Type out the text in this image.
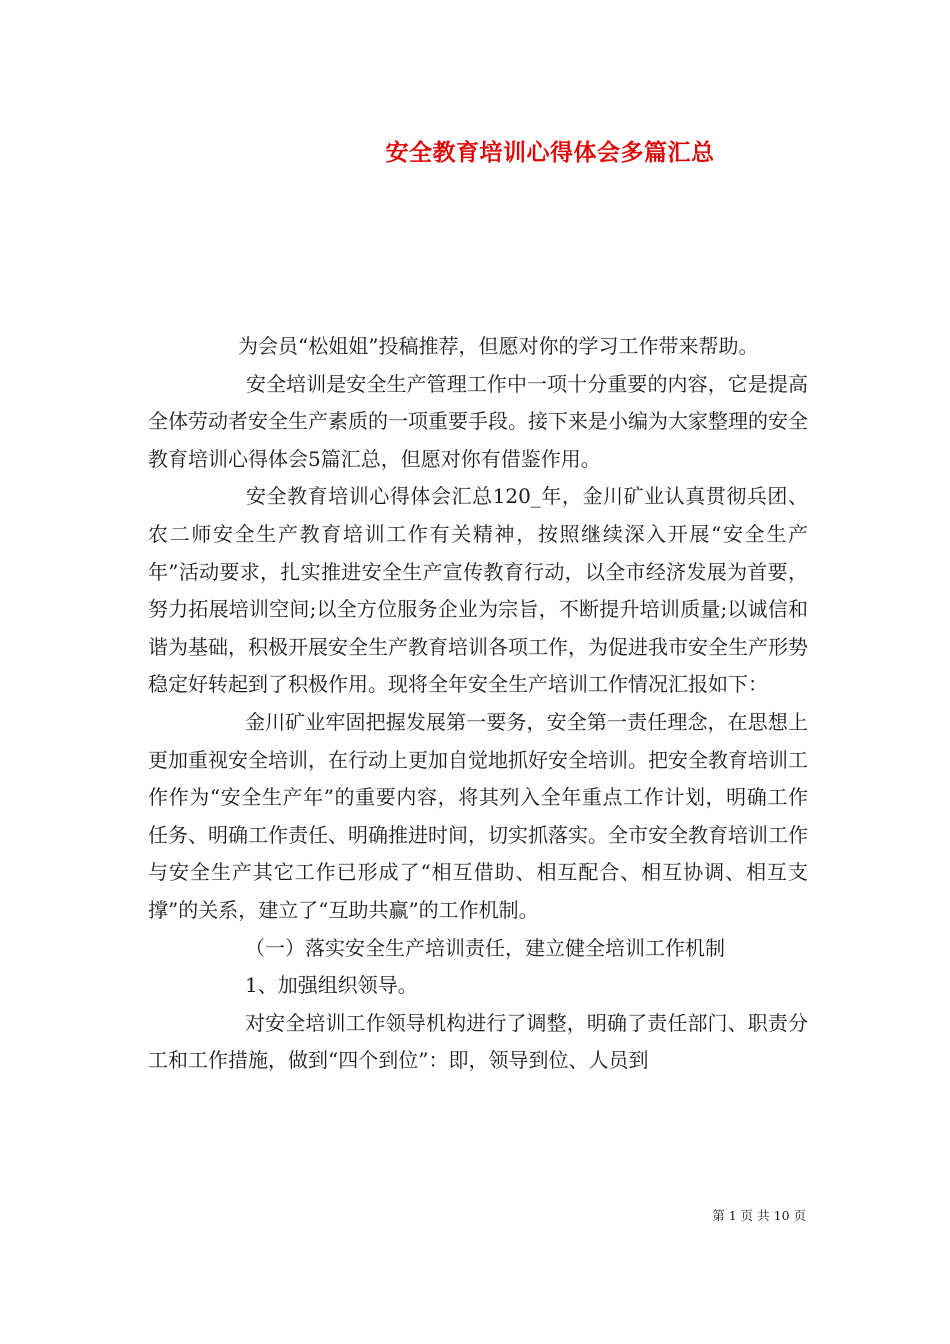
安全教育培训心得体会多篇汇总

为会员“松姐姐”投稿推荐，但愿对你的学习工作带来帮助。

安全培训是安全生产管理工作中一项十分重要的内容，它是提高全体劳动者安全生产素质的一项重要手段。接下来是小编为大家整理的安全教育培训心得体会5篇汇总，但愿对你有借鉴作用。

安全教育培训心得体会汇总120_年，金川矿业认真贯彻兵团、农二师安全生产教育培训工作有关精神，按照继续深入开展“安全生产年”活动要求，扎实推进安全生产宣传教育行动，以全市经济发展为首要，努力拓展培训空间;以全方位服务企业为宗旨，不断提升培训质量;以诚信和谐为基础，积极开展安全生产教育培训各项工作，为促进我市安全生产形势稳定好转起到了积极作用。现将全年安全生产培训工作情况汇报如下：

金川矿业牢固把握发展第一要务，安全第一责任理念，在思想上更加重视安全培训，在行动上更加自觉地抓好安全培训。把安全教育培训工作作为“安全生产年”的重要内容，将其列入全年重点工作计划，明确工作任务、明确工作责任、明确推进时间，切实抓落实。全市安全教育培训工作与安全生产其它工作已形成了“相互借助、相互配合、相互协调、相互支撑”的关系，建立了“互助共赢”的工作机制。

（一）落实安全生产培训责任，建立健全培训工作机制

1、加强组织领导。

对安全培训工作领导机构进行了调整，明确了责任部门、职责分工和工作措施，做到“四个到位”：即，领导到位、人员到

第 1 页 共 10 页
